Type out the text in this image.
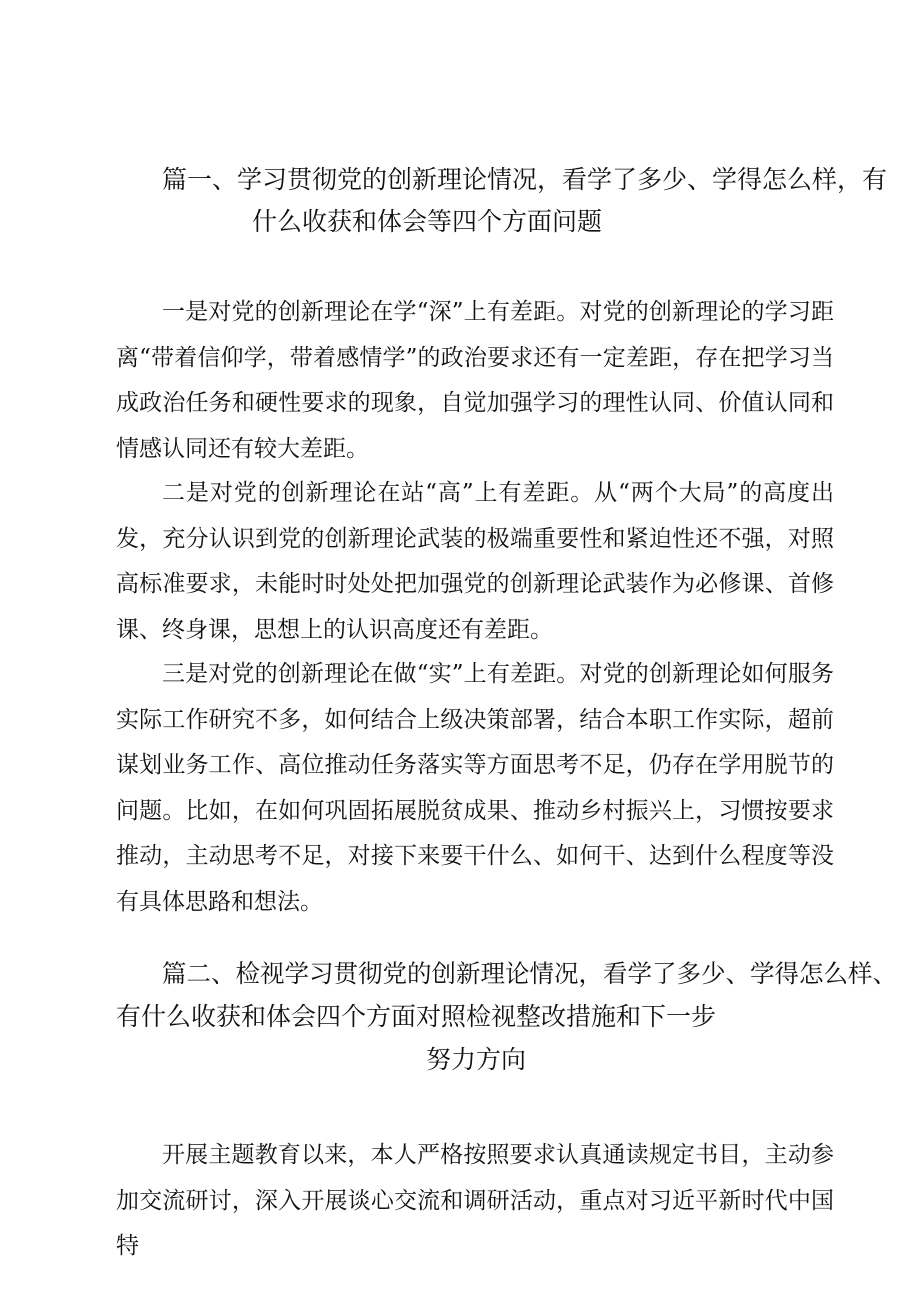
篇一、学习贯彻党的创新理论情况，看学了多少、学得怎么样，有
什么收获和体会等四个方面问题

一是对党的创新理论在学“深”上有差距。对党的创新理论的学习距离“带着信仰学，带着感情学”的政治要求还有一定差距，存在把学习当成政治任务和硬性要求的现象，自觉加强学习的理性认同、价值认同和情感认同还有较大差距。

二是对党的创新理论在站“高”上有差距。从“两个大局”的高度出发，充分认识到党的创新理论武装的极端重要性和紧迫性还不强，对照高标准要求，未能时时处处把加强党的创新理论武装作为必修课、首修课、终身课，思想上的认识高度还有差距。

三是对党的创新理论在做“实”上有差距。对党的创新理论如何服务实际工作研究不多，如何结合上级决策部署，结合本职工作实际，超前谋划业务工作、高位推动任务落实等方面思考不足，仍存在学用脱节的问题。比如，在如何巩固拓展脱贫成果、推动乡村振兴上，习惯按要求推动，主动思考不足，对接下来要干什么、如何干、达到什么程度等没有具体思路和想法。

篇二、检视学习贯彻党的创新理论情况，看学了多少、学得怎么样、
有什么收获和体会四个方面对照检视整改措施和下一步
努力方向

开展主题教育以来，本人严格按照要求认真通读规定书目，主动参加交流研讨，深入开展谈心交流和调研活动，重点对习近平新时代中国特
